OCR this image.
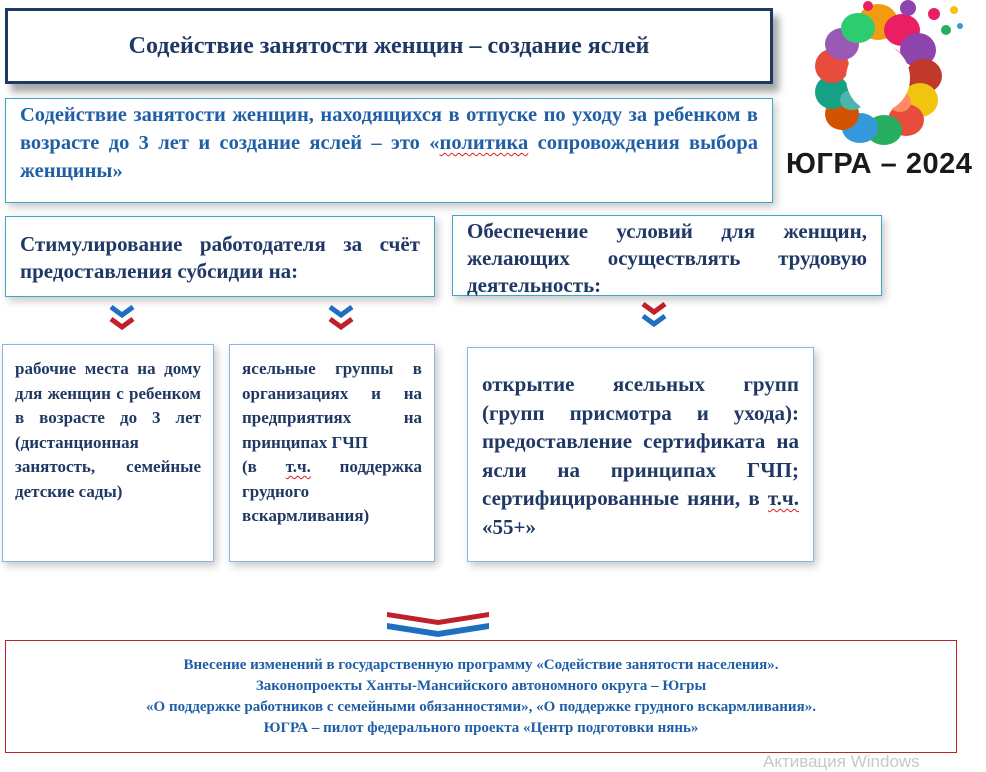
Содействие занятости женщин – создание яслей
Содействие занятости женщин, находящихся в отпуске по уходу за ребенком в возрасте до 3 лет и создание яслей – это «политика сопровождения выбора женщины»
Стимулирование работодателя за счёт предоставления субсидии на:
Обеспечение условий для женщин, желающих осуществлять трудовую деятельность:
рабочие места на дому для женщин с ребенком в возрасте до 3 лет (дистанционная занятость, семейные детские сады)
ясельные группы в организациях и на предприятиях на принципах ГЧП
(в т.ч. поддержка грудного вскармливания)
открытие ясельных групп (групп присмотра и ухода): предоставление сертификата на ясли на принципах ГЧП; сертифицированные няни, в т.ч. «55+»
Внесение изменений в государственную программу «Содействие занятости населения».
Законопроекты Ханты-Мансийского автономного округа – Югры
«О поддержке работников с семейными обязанностями», «О поддержке грудного вскармливания».
ЮГРА – пилот федерального проекта «Центр подготовки нянь»
ЮГРА – 2024
Активация Windows
